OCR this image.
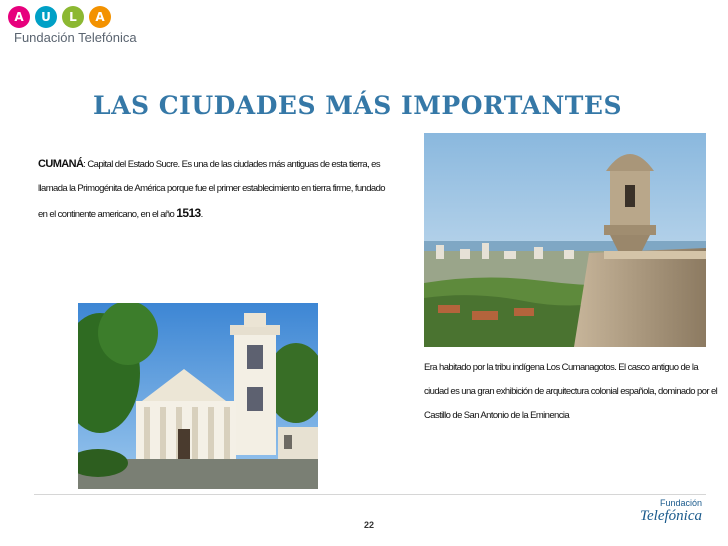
A	U	L	A
Fundación Telefónica
LAS CIUDADES MÁS IMPORTANTES
CUMANÁ: Capital del Estado Sucre. Es una de las ciudades más antiguas de esta tierra, es llamada la Primogénita de América porque fue el primer establecimiento en tierra firme, fundado en el continente americano, en el año 1513.
Era habitado por la tribu indígena Los Cumanagotos. El casco antiguo de la ciudad es una gran exhibición de arquitectura colonial española, dominado por el Castillo de San Antonio de la Eminencia
22
Fundación
Telefónica
